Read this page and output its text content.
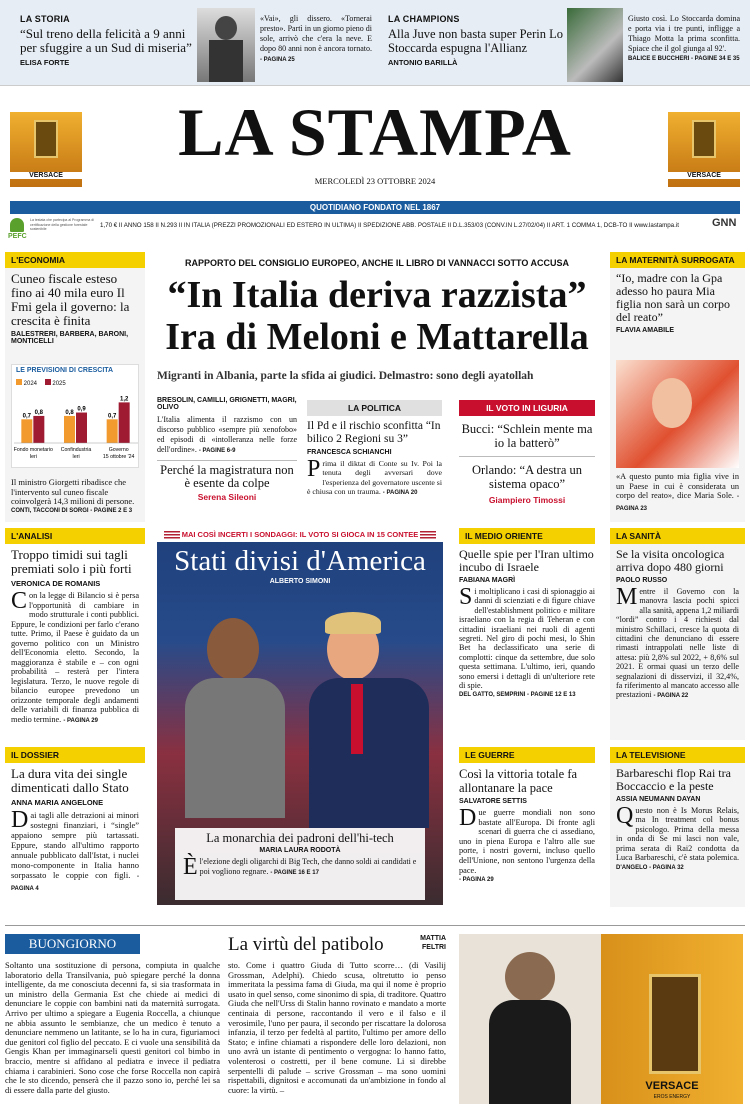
LA STORIA
“Sul treno della felicità a 9 anni per sfuggire a un Sud di miseria”
ELISA FORTE
«Vai», gli dissero. «Tornerai presto». Partì in un giorno pieno di sole, arrivò che c'era la neve. E dopo 80 anni non è ancora tornato. - PAGINA 25
LA CHAMPIONS
Alla Juve non basta super Perin Lo Stoccarda espugna l'Allianz
ANTONIO BARILLÀ
Giusto così. Lo Stoccarda domina e porta via i tre punti, infligge a Thiago Motta la prima sconfitta. Spiace che il gol giunga al 92'.
BALICE E BUCCHERI - PAGINE 34 E 35
VERSACE
LA STAMPA
MERCOLEDÌ 23 OTTOBRE 2024
VERSACE
QUOTIDIANO FONDATO NEL 1867
PEFC
La testata che partecipa al Programma di certificazione della gestione forestale sostenibile	1,70 € II ANNO 158 II N.293 II IN ITALIA (PREZZI PROMOZIONALI ED ESTERO IN ULTIMA) II SPEDIZIONE ABB. POSTALE II D.L.353/03 (CONV.IN L.27/02/04) II ART. 1 COMMA 1, DCB-TO II www.lastampa.it	GNN
L'ECONOMIA
Cuneo fiscale esteso fino ai 40 mila euro Il Fmi gela il governo: la crescita è finita
BALESTRERI, BARBERA, BARONI, MONTICELLI
LE PREVISIONI DI CRESCITA
2024	2025
0,7
0,8
Fondo monetario
Ieri
0,8
0,9
Confindustria
Ieri
0,7
1,2
Governo
15 ottobre '24
Il ministro Giorgetti ribadisce che l'intervento sul cuneo fiscale coinvolgerà 14,3 milioni di persone.
CONTI, TACCONI DI SORGI - PAGINE 2 E 3
L'ANALISI
Troppo timidi sui tagli premiati solo i più forti
VERONICA DE ROMANIS
Con la legge di Bilancio si è persa l'opportunità di cambiare in modo strutturale i conti pubblici. Eppure, le condizioni per farlo c'erano tutte. Primo, il Paese è guidato da un governo politico con un Ministro dell'Economia eletto. Secondo, la maggioranza è stabile e – con ogni probabilità – resterà per l'intera legislatura. Terzo, le nuove regole di bilancio europee prevedono un orizzonte temporale degli andamenti delle variabili di finanza pubblica di medio termine. - PAGINA 29
IL DOSSIER
La dura vita dei single dimenticati dallo Stato
ANNA MARIA ANGELONE
Dai tagli alle detrazioni ai minori sostegni finanziari, i “single” appaiono sempre più tartassati. Eppure, stando all'ultimo rapporto annuale pubblicato dall'Istat, i nuclei mono-componente in Italia hanno sorpassato le coppie con figli. - PAGINA 4
RAPPORTO DEL CONSIGLIO EUROPEO, ANCHE IL LIBRO DI VANNACCI SOTTO ACCUSA
“In Italia deriva razzista”
Ira di Meloni e Mattarella
Migranti in Albania, parte la sfida ai giudici. Delmastro: sono degli ayatollah
BRESOLIN, CAMILLI, GRIGNETTI, MAGRI, OLIVO
L'Italia alimenta il razzismo con un discorso pubblico «sempre più xenofobo» ed episodi di «intolleranza nelle forze dell'ordine». - PAGINE 6-9
Perché la magistratura non è esente da colpe
Serena Sileoni
LA POLITICA
Il Pd e il rischio sconfitta “In bilico 2 Regioni su 3”
FRANCESCA SCHIANCHI
Prima il diktat di Conte su Iv. Poi la tenuta degli avversari dove l'esperienza del governatore uscente si è chiusa con un trauma. - PAGINA 20
IL VOTO IN LIGURIA
Bucci: “Schlein mente ma io la batterò”
Orlando: “A destra un sistema opaco”
Giampiero Timossi
MAI COSÌ INCERTI I SONDAGGI: IL VOTO SI GIOCA IN 15 CONTEE
Stati divisi d'America
ALBERTO SIMONI
La monarchia dei padroni dell'hi-tech
MARIA LAURA RODOTÀ
Èl'elezione degli oligarchi di Big Tech, che danno soldi ai candidati e poi vogliono regnare. - PAGINE 16 E 17
IL MEDIO ORIENTE
Quelle spie per l'Iran ultimo incubo di Israele
FABIANA MAGRÌ
Si moltiplicano i casi di spionaggio ai danni di scienziati e di figure chiave dell'establishment politico e militare israeliano con la regia di Teheran e con cittadini israeliani nei ruoli di agenti segreti. Nel giro di pochi mesi, lo Shin Bet ha declassificato una serie di complotti: cinque da settembre, due solo questa settimana. L'ultimo, ieri, quando sono emersi i dettagli di un'ulteriore rete di spie.
DEL GATTO, SEMPRINI - PAGINE 12 E 13
LE GUERRE
Così la vittoria totale fa allontanare la pace
SALVATORE SETTIS
Due guerre mondiali non sono bastate all'Europa. Di fronte agli scenari di guerra che ci assediano, uno in piena Europa e l'altro alle sue porte, i nostri governi, incluso quello dell'Unione, non sentono l'urgenza della pace.
- PAGINA 29
LA MATERNITÀ SURROGATA
“Io, madre con la Gpa adesso ho paura Mia figlia non sarà un corpo del reato”
FLAVIA AMABILE
«A questo punto mia figlia vive in un Paese in cui è considerata un corpo del reato», dice Maria Sole. - PAGINA 23
LA SANITÀ
Se la visita oncologica arriva dopo 480 giorni
PAOLO RUSSO
Mentre il Governo con la manovra lascia pochi spicci alla sanità, appena 1,2 miliardi “lordi” contro i 4 richiesti dal ministro Schillaci, cresce la quota di cittadini che denunciano di essere rimasti intrappolati nelle liste di attesa: più 2,8% sul 2022, + 8,6% sul 2021. E ormai quasi un terzo delle segnalazioni di disservizi, il 32,4%, fa riferimento al mancato accesso alle prestazioni - PAGINA 22
LA TELEVISIONE
Barbareschi flop Rai tra Boccaccio e la peste
ASSIA NEUMANN DAYAN
Questo non è Is Morus Relais, ma In treatment col bonus psicologo. Prima della messa in onda di Se mi lasci non vale, prima serata di Rai2 condotta da Luca Barbareschi, c'è stata polemica. D'ANGELO - PAGINA 32
BUONGIORNO
Soltanto una sostituzione di persona, compiuta in qualche laboratorio della Transilvania, può spiegare perché la donna intelligente, da me conosciuta decenni fa, si sia trasformata in un ministro della Germania Est che chiede ai medici di denunciare le coppie con bambini nati da maternità surrogata. Arrivo per ultimo a spiegare a Eugenia Roccella, a chiunque ne abbia assunto le sembianze, che un medico è tenuto a denunciare nemmeno un latitante, se lo ha in cura, figuriamoci due genitori col figlio del peccato. E ci vuole una sensibilità da Gengis Khan per immaginarseli questi genitori col bimbo in braccio, mentre si affidano al pediatra e invece il pediatra chiama i carabinieri. Sono cose che forse Roccella non capirà che le sto dicendo, penserà che il pazzo sono io, perché lei sa di essere dalla parte del giusto.
La virtù del patibolo	MATTIA FELTRI
sto. Come i quattro Giuda di Tutto scorre… (di Vasilij Grossman, Adelphi). Chiedo scusa, oltretutto io penso immeritata la pessima fama di Giuda, ma qui il nome è proprio usato in quel senso, come sinonimo di spia, di traditore. Quattro Giuda che nell'Urss di Stalin hanno rovinato e mandato a morte centinaia di persone, raccontando il vero e il falso e il verosimile, l'uno per paura, il secondo per riscattare la dolorosa infanzia, il terzo per fedeltà al partito, l'ultimo per amore dello Stato; e infine chiamati a rispondere delle loro delazioni, non uno avrà un istante di pentimento o vergogna: lo hanno fatto, volenterosi o costretti, per il bene comune. Li si direbbe serpentelli di palude – scrive Grossman – ma sono uomini rispettabili, dignitosi e accomunati da un'ambizione in fondo al cuore: la virtù. –	VERSACE
EROS ENERGY
